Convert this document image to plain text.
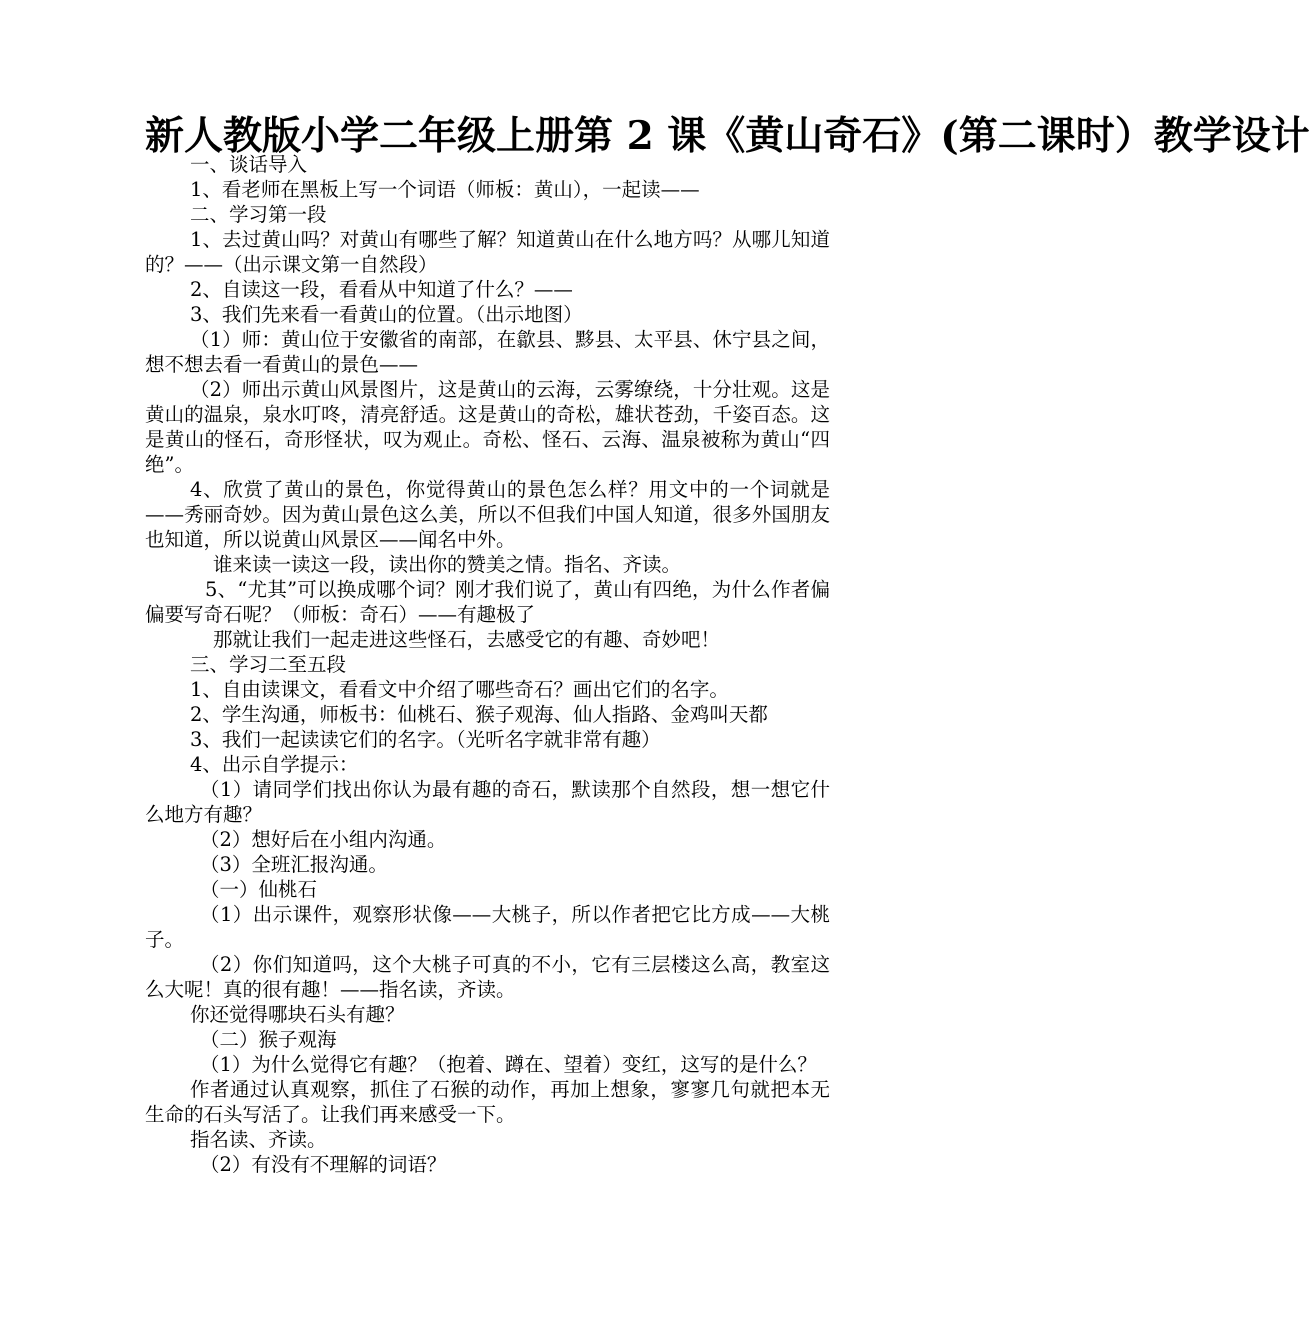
新人教版小学二年级上册第 2 课《黄山奇石》(第二课时）教学设计

一、谈话导入

1、看老师在黑板上写一个词语（师板：黄山），一起读——

二、学习第一段

1、去过黄山吗？对黄山有哪些了解？知道黄山在什么地方吗？从哪儿知道的？——（出示课文第一自然段）

2、自读这一段，看看从中知道了什么？——

3、我们先来看一看黄山的位置。（出示地图）

（1）师：黄山位于安徽省的南部，在歙县、黟县、太平县、休宁县之间，想不想去看一看黄山的景色——

（2）师出示黄山风景图片，这是黄山的云海，云雾缭绕，十分壮观。这是黄山的温泉，泉水叮咚，清亮舒适。这是黄山的奇松，雄状苍劲，千姿百态。这是黄山的怪石，奇形怪状，叹为观止。奇松、怪石、云海、温泉被称为黄山“四绝”。

4、欣赏了黄山的景色，你觉得黄山的景色怎么样？用文中的一个词就是——秀丽奇妙。因为黄山景色这么美，所以不但我们中国人知道，很多外国朋友也知道，所以说黄山风景区——闻名中外。

谁来读一读这一段，读出你的赞美之情。指名、齐读。

5、“尤其”可以换成哪个词？刚才我们说了，黄山有四绝，为什么作者偏偏要写奇石呢？（师板：奇石）——有趣极了

那就让我们一起走进这些怪石，去感受它的有趣、奇妙吧！

三、学习二至五段

1、自由读课文，看看文中介绍了哪些奇石？画出它们的名字。

2、学生沟通，师板书：仙桃石、猴子观海、仙人指路、金鸡叫天都

3、我们一起读读它们的名字。（光听名字就非常有趣）

4、出示自学提示：

（1）请同学们找出你认为最有趣的奇石，默读那个自然段，想一想它什么地方有趣？

（2）想好后在小组内沟通。

（3）全班汇报沟通。

（一）仙桃石

（1）出示课件，观察形状像——大桃子，所以作者把它比方成——大桃子。

（2）你们知道吗，这个大桃子可真的不小，它有三层楼这么高，教室这么大呢！真的很有趣！——指名读，齐读。

你还觉得哪块石头有趣？

（二）猴子观海

（1）为什么觉得它有趣？（抱着、蹲在、望着）变红，这写的是什么？

作者通过认真观察，抓住了石猴的动作，再加上想象，寥寥几句就把本无生命的石头写活了。让我们再来感受一下。

指名读、齐读。

（2）有没有不理解的词语？
